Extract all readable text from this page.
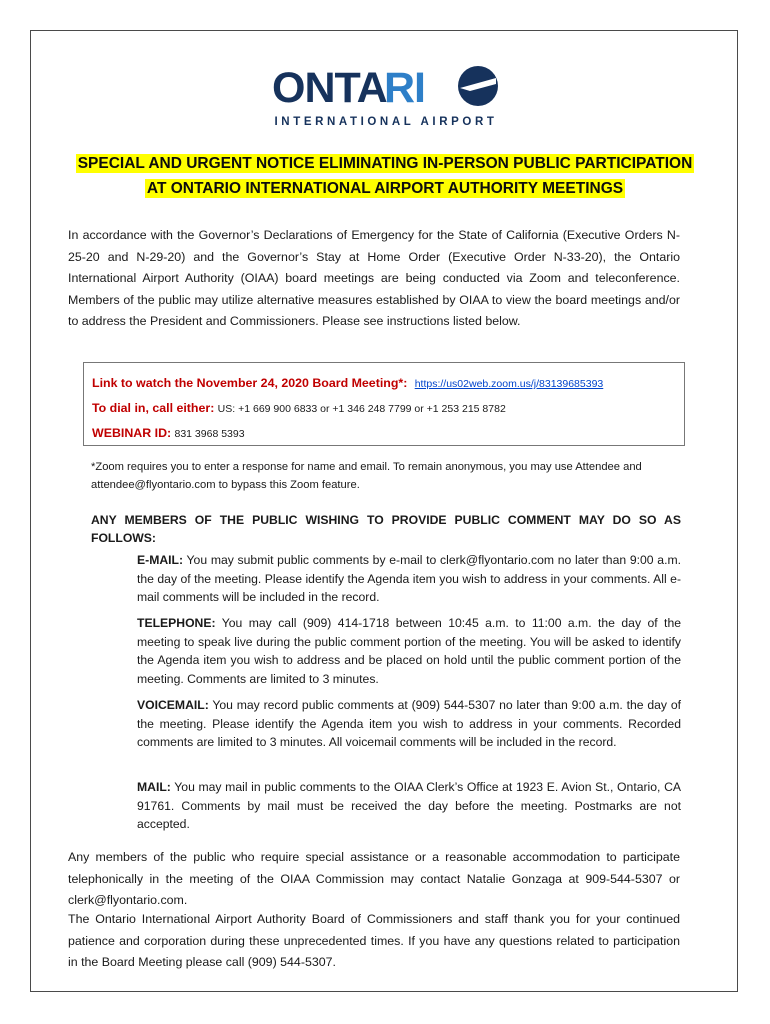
ONTA
RI
INTERNATIONAL AIRPORT
SPECIAL AND URGENT NOTICE ELIMINATING IN-PERSON PUBLIC PARTICIPATION
AT ONTARIO INTERNATIONAL AIRPORT AUTHORITY MEETINGS
In accordance with the Governor’s Declarations of Emergency for the State of California (Executive Orders N-25-20 and N-29-20) and the Governor’s Stay at Home Order (Executive Order N-33-20), the Ontario International Airport Authority (OIAA) board meetings are being conducted via Zoom and teleconference. Members of the public may utilize alternative measures established by OIAA to view the board meetings and/or to address the President and Commissioners. Please see instructions listed below.
Link to watch the November 24, 2020 Board Meeting*: https://us02web.zoom.us/j/83139685393
To dial in, call either: US: +1 669 900 6833 or +1 346 248 7799 or +1 253 215 8782
WEBINAR ID: 831 3968 5393
*Zoom requires you to enter a response for name and email. To remain anonymous, you may use Attendee and attendee@flyontario.com to bypass this Zoom feature.
ANY MEMBERS OF THE PUBLIC WISHING TO PROVIDE PUBLIC COMMENT MAY DO SO AS FOLLOWS:
E-MAIL: You may submit public comments by e-mail to clerk@flyontario.com no later than 9:00 a.m. the day of the meeting. Please identify the Agenda item you wish to address in your comments. All e-mail comments will be included in the record.
TELEPHONE: You may call (909) 414-1718 between 10:45 a.m. to 11:00 a.m. the day of the meeting to speak live during the public comment portion of the meeting. You will be asked to identify the Agenda item you wish to address and be placed on hold until the public comment portion of the meeting. Comments are limited to 3 minutes.
VOICEMAIL: You may record public comments at (909) 544-5307 no later than 9:00 a.m. the day of the meeting. Please identify the Agenda item you wish to address in your comments. Recorded comments are limited to 3 minutes. All voicemail comments will be included in the record.
MAIL: You may mail in public comments to the OIAA Clerk’s Office at 1923 E. Avion St., Ontario, CA 91761. Comments by mail must be received the day before the meeting. Postmarks are not accepted.
Any members of the public who require special assistance or a reasonable accommodation to participate telephonically in the meeting of the OIAA Commission may contact Natalie Gonzaga at 909-544-5307 or clerk@flyontario.com.
The Ontario International Airport Authority Board of Commissioners and staff thank you for your continued patience and corporation during these unprecedented times. If you have any questions related to participation in the Board Meeting please call (909) 544-5307.
